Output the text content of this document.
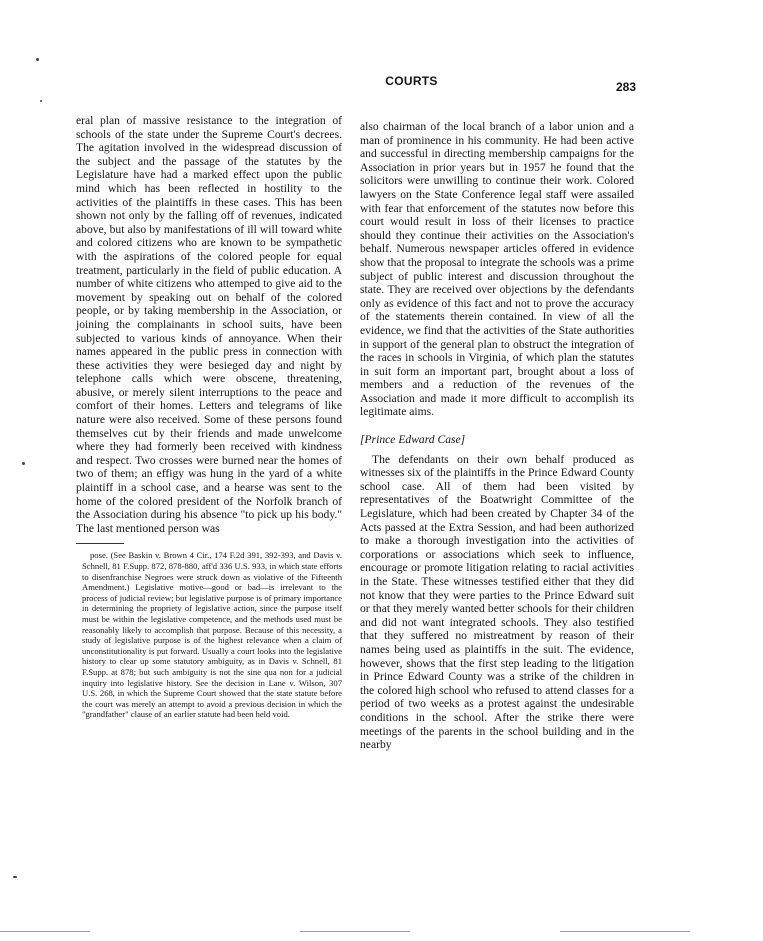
COURTS	283

eral plan of massive resistance to the integration of schools of the state under the Supreme Court's decrees. The agitation involved in the widespread discussion of the subject and the passage of the statutes by the Legislature have had a marked effect upon the public mind which has been reflected in hostility to the activities of the plaintiffs in these cases. This has been shown not only by the falling off of revenues, indicated above, but also by manifestations of ill will toward white and colored citizens who are known to be sympathetic with the aspirations of the colored people for equal treatment, particularly in the field of public education. A number of white citizens who attemped to give aid to the movement by speaking out on behalf of the colored people, or by taking membership in the Association, or joining the complainants in school suits, have been subjected to various kinds of annoyance. When their names appeared in the public press in connection with these activities they were besieged day and night by telephone calls which were obscene, threatening, abusive, or merely silent interruptions to the peace and comfort of their homes. Letters and telegrams of like nature were also received. Some of these persons found themselves cut by their friends and made unwelcome where they had formerly been received with kindness and respect. Two crosses were burned near the homes of two of them; an effigy was hung in the yard of a white plaintiff in a school case, and a hearse was sent to the home of the colored president of the Norfolk branch of the Association during his absence "to pick up his body." The last mentioned person was

pose. (See Baskin v. Brown 4 Cir., 174 F.2d 391, 392-393, and Davis v. Schnell, 81 F.Supp. 872, 878-880, aff'd 336 U.S. 933, in which state efforts to disenfranchise Negroes were struck down as violative of the Fifteenth Amendment.) Legislative motive—good or bad—is irrelevant to the process of judicial review; but legislative purpose is of primary importance in determining the propriety of legislative action, since the purpose itself must be within the legislative competence, and the methods used must be reasonably likely to accomplish that purpose. Because of this necessity, a study of legislative purpose is of the highest relevance when a claim of unconstitutionality is put forward. Usually a court looks into the legislative history to clear up some statutory ambiguity, as in Davis v. Schnell, 81 F.Supp. at 878; but such ambiguity is not the sine qua non for a judicial inquiry into legislative history. See the decision in Lane v. Wilson, 307 U.S. 268, in which the Supreme Court showed that the state statute before the court was merely an attempt to avoid a previous decision in which the "grandfather" clause of an earlier statute had been held void.

also chairman of the local branch of a labor union and a man of prominence in his community. He had been active and successful in directing membership campaigns for the Association in prior years but in 1957 he found that the solicitors were unwilling to continue their work. Colored lawyers on the State Conference legal staff were assailed with fear that enforcement of the statutes now before this court would result in loss of their licenses to practice should they continue their activities on the Association's behalf. Numerous newspaper articles offered in evidence show that the proposal to integrate the schools was a prime subject of public interest and discussion throughout the state. They are received over objections by the defendants only as evidence of this fact and not to prove the accuracy of the statements therein contained. In view of all the evidence, we find that the activities of the State authorities in support of the general plan to obstruct the integration of the races in schools in Virginia, of which plan the statutes in suit form an important part, brought about a loss of members and a reduction of the revenues of the Association and made it more difficult to accomplish its legitimate aims.

[Prince Edward Case]

The defendants on their own behalf produced as witnesses six of the plaintiffs in the Prince Edward County school case. All of them had been visited by representatives of the Boatwright Committee of the Legislature, which had been created by Chapter 34 of the Acts passed at the Extra Session, and had been authorized to make a thorough investigation into the activities of corporations or associations which seek to influence, encourage or promote litigation relating to racial activities in the State. These witnesses testified either that they did not know that they were parties to the Prince Edward suit or that they merely wanted better schools for their children and did not want integrated schools. They also testified that they suffered no mistreatment by reason of their names being used as plaintiffs in the suit. The evidence, however, shows that the first step leading to the litigation in Prince Edward County was a strike of the children in the colored high school who refused to attend classes for a period of two weeks as a protest against the undesirable conditions in the school. After the strike there were meetings of the parents in the school building and in the nearby
